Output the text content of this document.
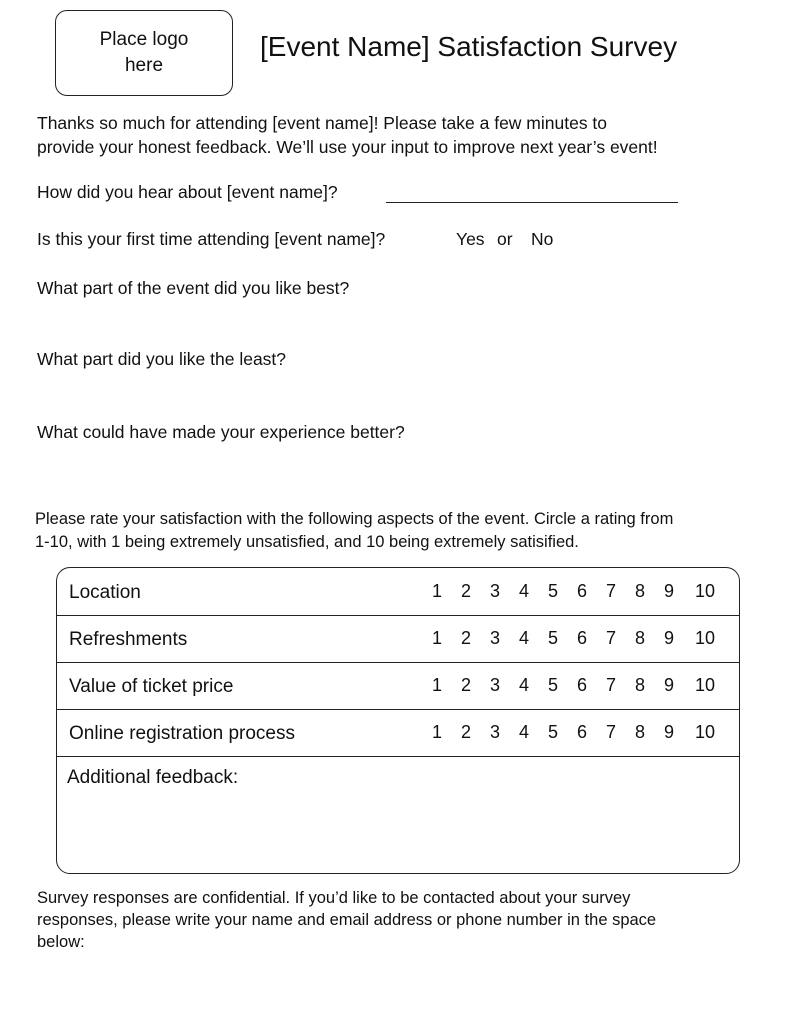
Place logo
here
[Event Name] Satisfaction Survey
Thanks so much for attending [event name]! Please take a few minutes to
provide your honest feedback. We’ll use your input to improve next year’s event!
How did you hear about [event name]?
Is this your first time attending [event name]?	Yes or No
What part of the event did you like best?
What part did you like the least?
What could have made your experience better?
Please rate your satisfaction with the following aspects of the event. Circle a rating from
1-10, with 1 being extremely unsatisfied, and 10 being extremely satisified.
Location	1	2	3	4	5	6	7	8	9	10
Refreshments	1	2	3	4	5	6	7	8	9	10
Value of ticket price	1	2	3	4	5	6	7	8	9	10
Online registration process	1	2	3	4	5	6	7	8	9	10
Additional feedback:
Survey responses are confidential. If you’d like to be contacted about your survey
responses, please write your name and email address or phone number in the space
below:
